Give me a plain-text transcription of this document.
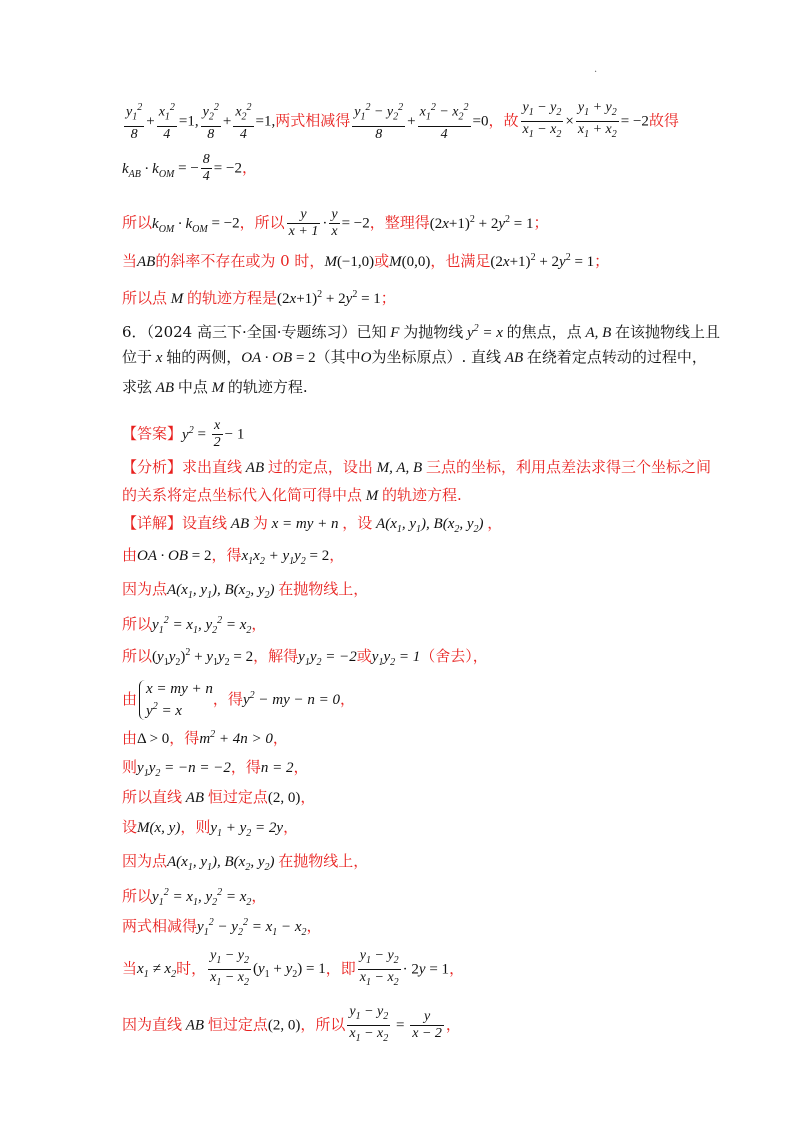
.
$\frac{y_1^2}{8} + \frac{x_1^2}{4} =1$, $\frac{y_2^2}{8} + \frac{x_2^2}{4} =1$,两式相减得 $\frac{y_1^2 - y_2^2}{8} + \frac{x_1^2 - x_2^2}{4} =0$，故 $\frac{y_1 - y_2}{x_1 - x_2} \times \frac{y_1 + y_2}{x_1 + x_2} = -2$故得
$k_{AB} \cdot k_{OM}$ = − $\frac{8}{4} = -2$，
所以$k_{OM} \cdot k_{OM} = -2$，所以 $\frac{y}{x + 1} \cdot \frac{y}{x} = -2$，整理得$(2x+1)^2 + 2y^2 = 1$；
当AB的斜率不存在或为 0 时，M(−1,0)或M(0,0)，也满足$(2x+1)^2 + 2y^2 = 1$；
所以点 M 的轨迹方程是$(2x+1)^2 + 2y^2 = 1$；
6．（2024 高三下·全国·专题练习）已知 F 为抛物线 $y^2 = x$ 的焦点，点 A, B 在该抛物线上且
位于 x 轴的两侧，OA · OB = 2（其中O为坐标原点）. 直线 AB 在绕着定点转动的过程中，
求弦 AB 中点 M 的轨迹方程.
【答案】$y^2 = \frac{x}{2} - 1$
【分析】求出直线 AB 过的定点，设出 M, A, B 三点的坐标，利用点差法求得三个坐标之间
的关系将定点坐标代入化简可得中点 M 的轨迹方程.
【详解】设直线 AB 为 x = my + n ，设 $A(x_1$, $y_1$), $B(x_2$, $y_2$) ，
由OA · OB = 2，得$x_1x_2 + y_1y_2 = 2$，
因为点$A(x_1$, $y_1$), $B(x_2$, $y_2$) 在抛物线上，
所以$y_1^2 = x_1$, $y_2^2 = x_2$，
所以$(y_1y_2)^2 + y_1y_2 = 2$，解得$y_1y_2 = -2$或$y_1y_2 = 1$（舍去），
由
x = my + n
$y^2 = x$
，得$y^2$ − my − n = 0，
由Δ > 0，得$m^2 + 4n > 0$，
则$y_1y_2 = -n = -2$，得n = 2，
所以直线 AB 恒过定点(2, 0)，
设M(x, y)，则$y_1 + y_2 = 2y$，
因为点$A(x_1$, $y_1$), $B(x_2$, $y_2$) 在抛物线上，
所以$y_1^2 = x_1$, $y_2^2 = x_2$，
两式相减得$y_1^2 - y_2^2 = x_1 - x_2$，
当$x_1 \ne x_2$时， $\frac{y_1 - y_2}{x_1 - x_2} (y_1 + y_2) = 1$，即 $\frac{y_1 - y_2}{x_1 - x_2} \cdot 2y = 1$，
因为直线 AB 恒过定点(2, 0)，所以 $\frac{y_1 - y_2}{x_1 - x_2} = \frac{y}{x - 2}$ ，
